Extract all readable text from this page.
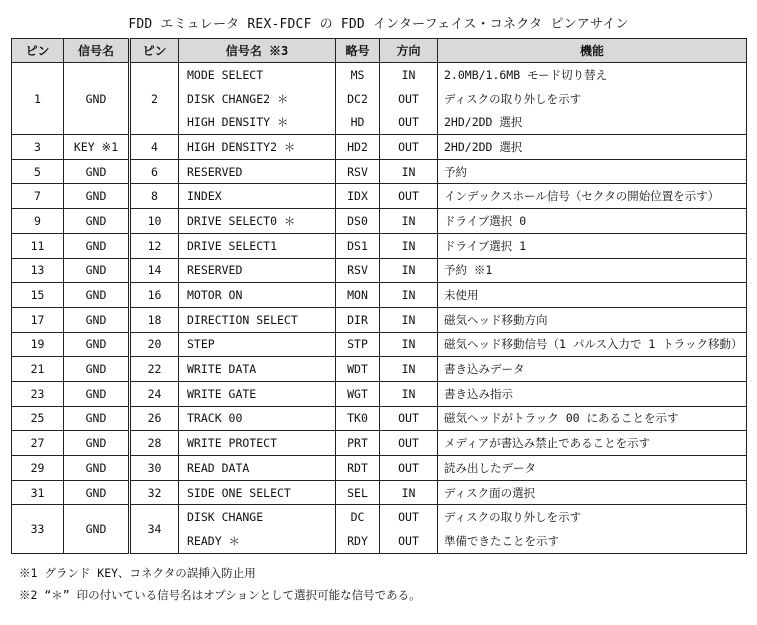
FDD エミュレータ REX-FDCF の FDD インターフェイス・コネクタ ピンアサイン
ピン	信号名	ピン	信号名 ※3	略号	方向	機能
1	GND	2	MODE SELECT	MS	IN	2.0MB/1.6MB モード切り替え
			DISK CHANGE2 ＊	DC2	OUT	ディスクの取り外しを示す
			HIGH DENSITY ＊	HD	OUT	2HD/2DD 選択
3	KEY ※1	4	HIGH DENSITY2 ＊	HD2	OUT	2HD/2DD 選択
5	GND	6	RESERVED	RSV	IN	予約
7	GND	8	INDEX	IDX	OUT	インデックスホール信号（セクタの開始位置を示す）
9	GND	10	DRIVE SELECT0 ＊	DS0	IN	ドライブ選択 0
11	GND	12	DRIVE SELECT1	DS1	IN	ドライブ選択 1
13	GND	14	RESERVED	RSV	IN	予約 ※1
15	GND	16	MOTOR ON	MON	IN	未使用
17	GND	18	DIRECTION SELECT	DIR	IN	磁気ヘッド移動方向
19	GND	20	STEP	STP	IN	磁気ヘッド移動信号（1 パルス入力で 1 トラック移動）
21	GND	22	WRITE DATA	WDT	IN	書き込みデータ
23	GND	24	WRITE GATE	WGT	IN	書き込み指示
25	GND	26	TRACK 00	TK0	OUT	磁気ヘッドがトラック 00 にあることを示す
27	GND	28	WRITE PROTECT	PRT	OUT	メディアが書込み禁止であることを示す
29	GND	30	READ DATA	RDT	OUT	読み出したデータ
31	GND	32	SIDE ONE SELECT	SEL	IN	ディスク面の選択
33	GND	34	DISK CHANGE	DC	OUT	ディスクの取り外しを示す
			READY ＊	RDY	OUT	準備できたことを示す
※1 グランド KEY、コネクタの誤挿入防止用
※2 “＊” 印の付いている信号名はオプションとして選択可能な信号である。
